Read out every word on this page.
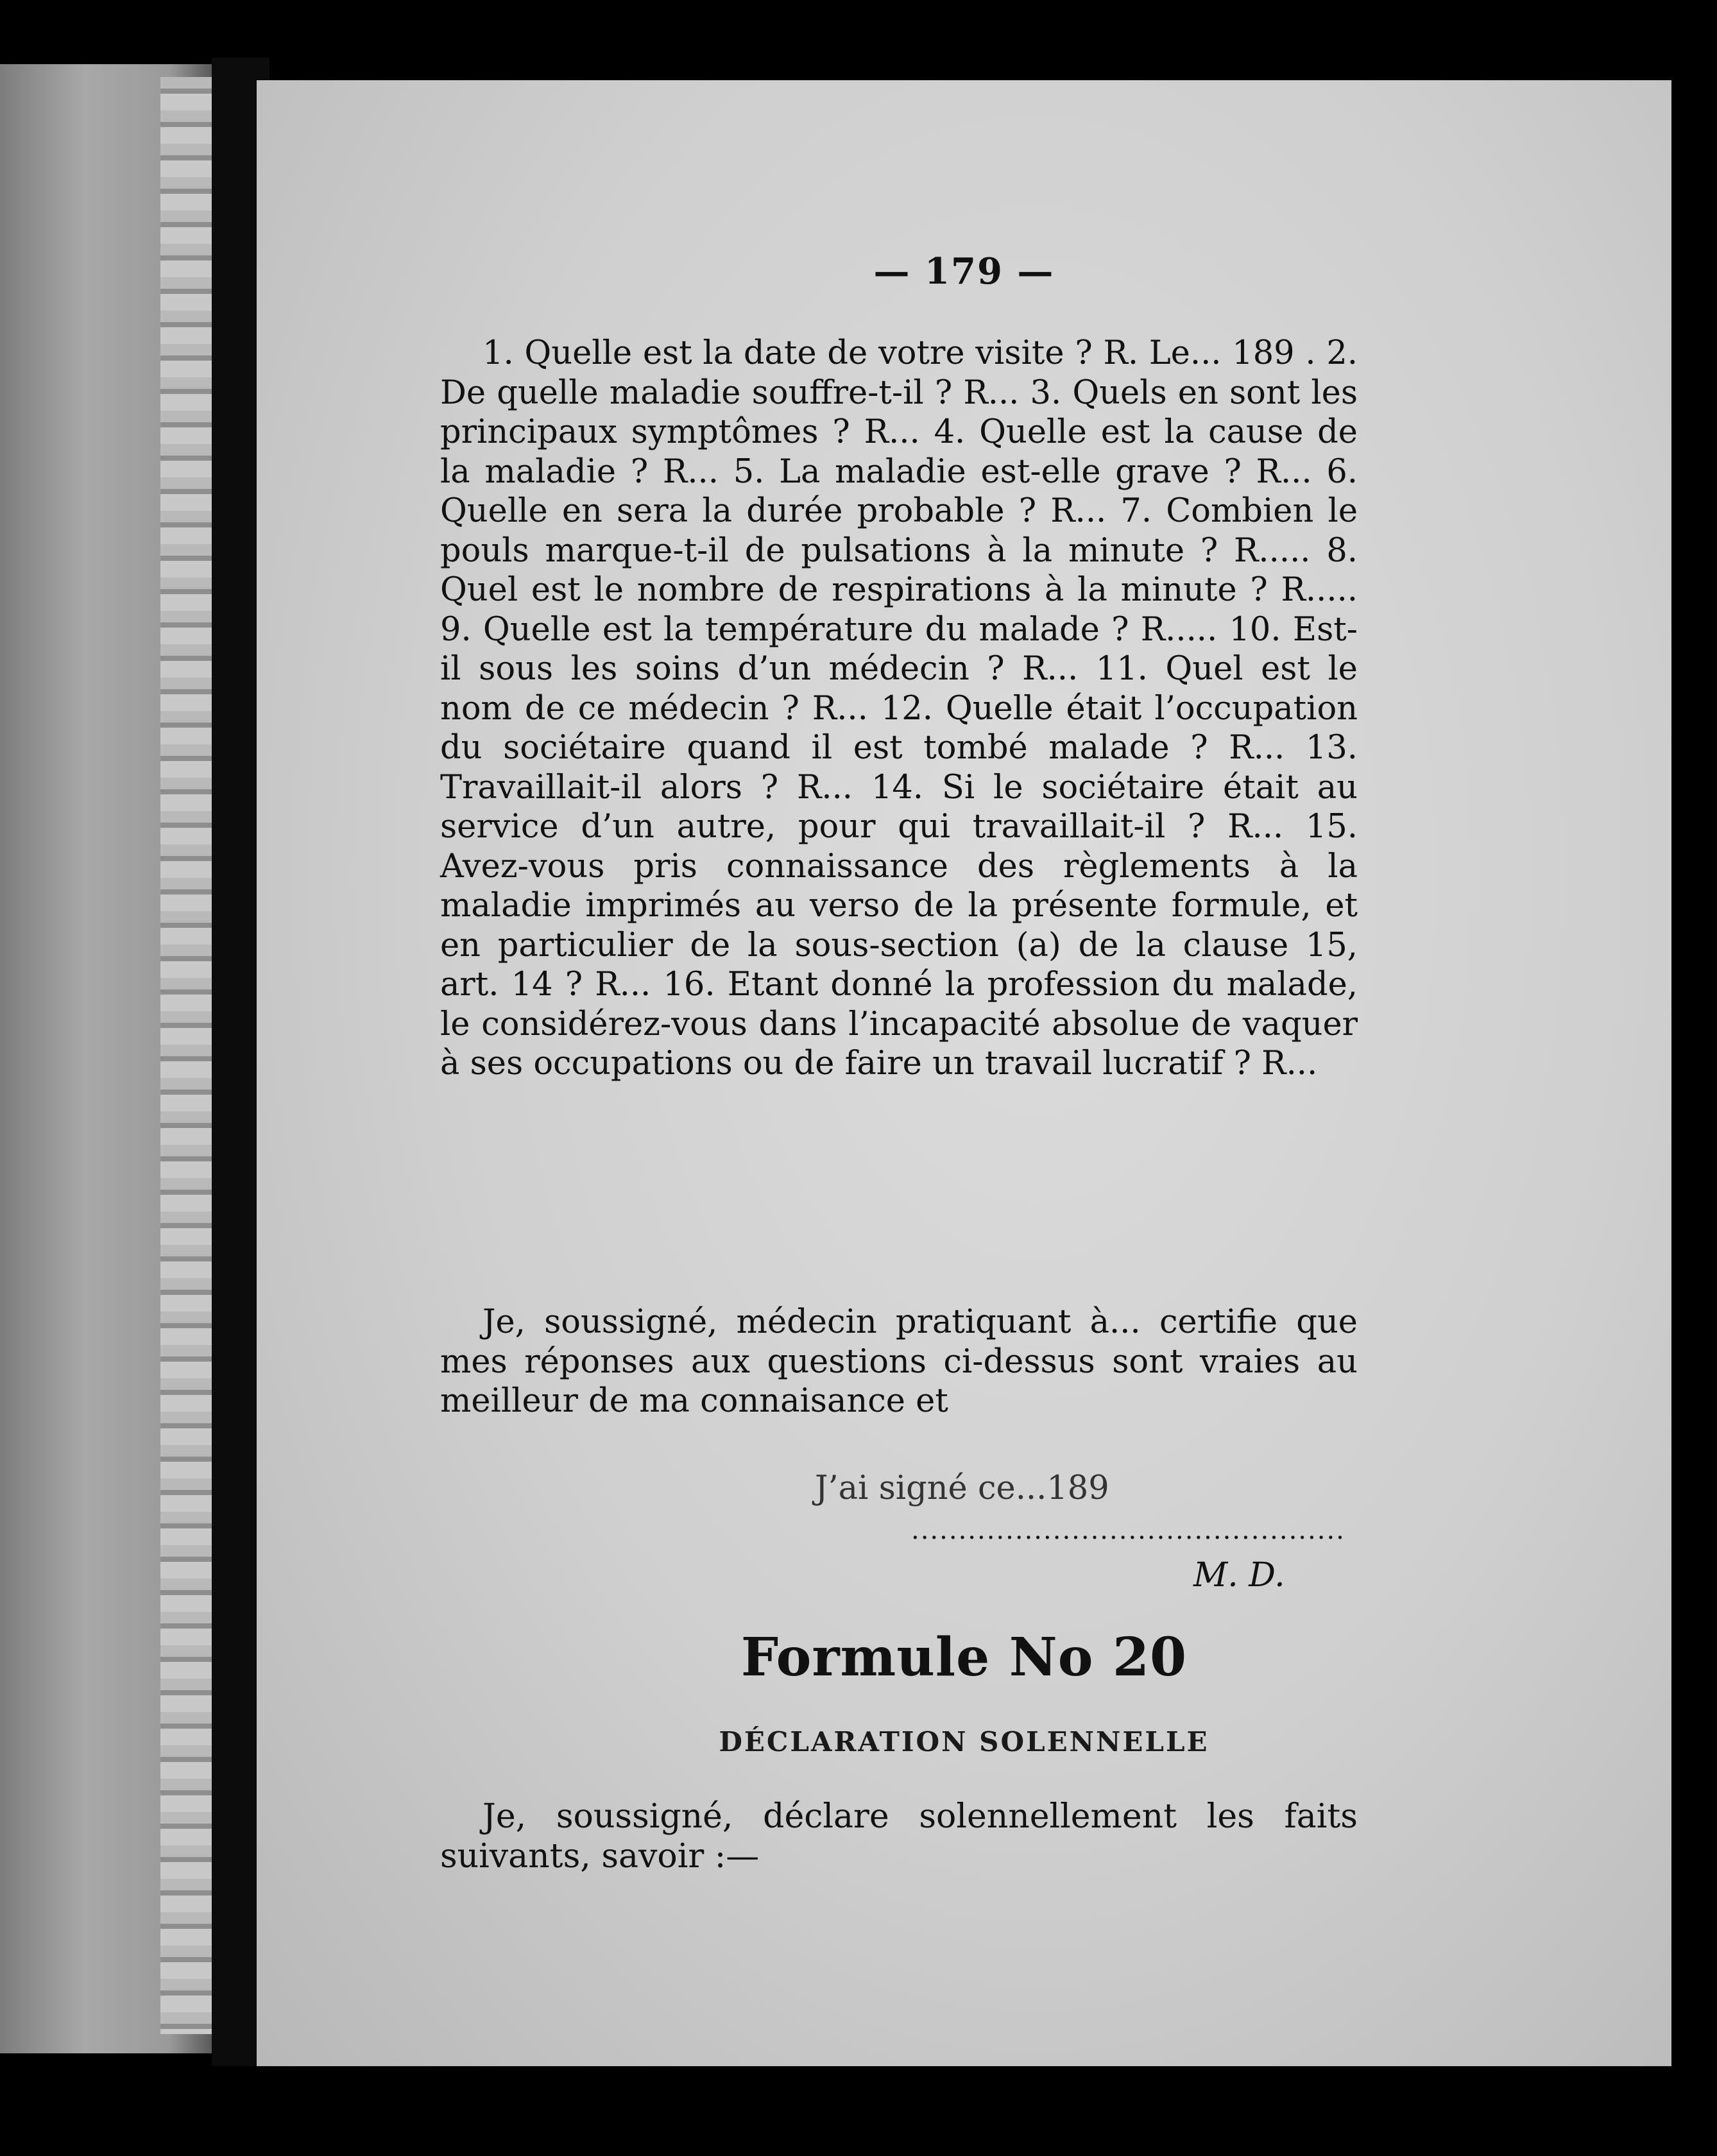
— 179 —
1. Quelle est la date de votre visite ? R. Le... 189 . 2. De quelle maladie souffre-t-il ? R... 3. Quels en sont les principaux symptômes ? R... 4. Quelle est la cause de la maladie ? R... 5. La maladie est-elle grave ? R... 6. Quelle en sera la durée probable ? R... 7. Combien le pouls marque-t-il de pulsations à la minute ? R..... 8. Quel est le nombre de respirations à la minute ? R..... 9. Quelle est la température du malade ? R..... 10. Est-il sous les soins d’un médecin ? R... 11. Quel est le nom de ce médecin ? R... 12. Quelle était l’occupation du sociétaire quand il est tombé malade ? R... 13. Travaillait-il alors ? R... 14. Si le sociétaire était au service d’un autre, pour qui travaillait-il ? R... 15. Avez-vous pris connaissance des règlements à la maladie imprimés au verso de la présente formule, et en particulier de la sous-section (a) de la clause 15, art. 14 ? R... 16. Etant donné la profession du malade, le considérez-vous dans l’incapacité absolue de vaquer à ses occupations ou de faire un travail lucratif ? R...
Je, soussigné, médecin pratiquant à... certifie que mes réponses aux questions ci-dessus sont vraies au meilleur de ma connaisance et
J’ai signé ce...189
..............................................
M. D.
Formule No 20
DÉCLARATION SOLENNELLE
Je, soussigné, déclare solennellement les faits suivants, savoir :—
